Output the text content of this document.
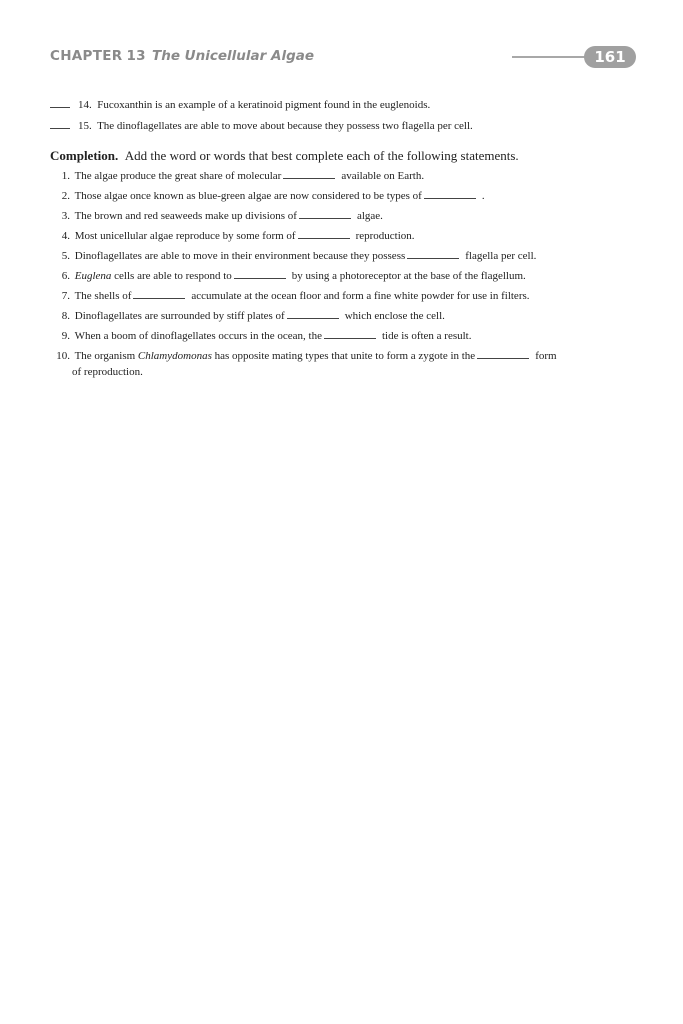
CHAPTER 13 The Unicellular Algae	161
14. Fucoxanthin is an example of a keratinoid pigment found in the euglenoids.
15. The dinoflagellates are able to move about because they possess two flagella per cell.
Completion. Add the word or words that best complete each of the following statements.
1. The algae produce the great share of molecular	available on Earth.
2. Those algae once known as blue-green algae are now considered to be types of	.
3. The brown and red seaweeds make up divisions of	algae.
4. Most unicellular algae reproduce by some form of	reproduction.
5. Dinoflagellates are able to move in their environment because they possess	flagella per cell.
6. Euglena cells are able to respond to	by using a photoreceptor at the base of the flagellum.
7. The shells of	accumulate at the ocean floor and form a fine white powder for use in filters.
8. Dinoflagellates are surrounded by stiff plates of	which enclose the cell.
9. When a boom of dinoflagellates occurs in the ocean, the	tide is often a result.
10. The organism Chlamydomonas has opposite mating types that unite to form a zygote in the	form
of reproduction.
